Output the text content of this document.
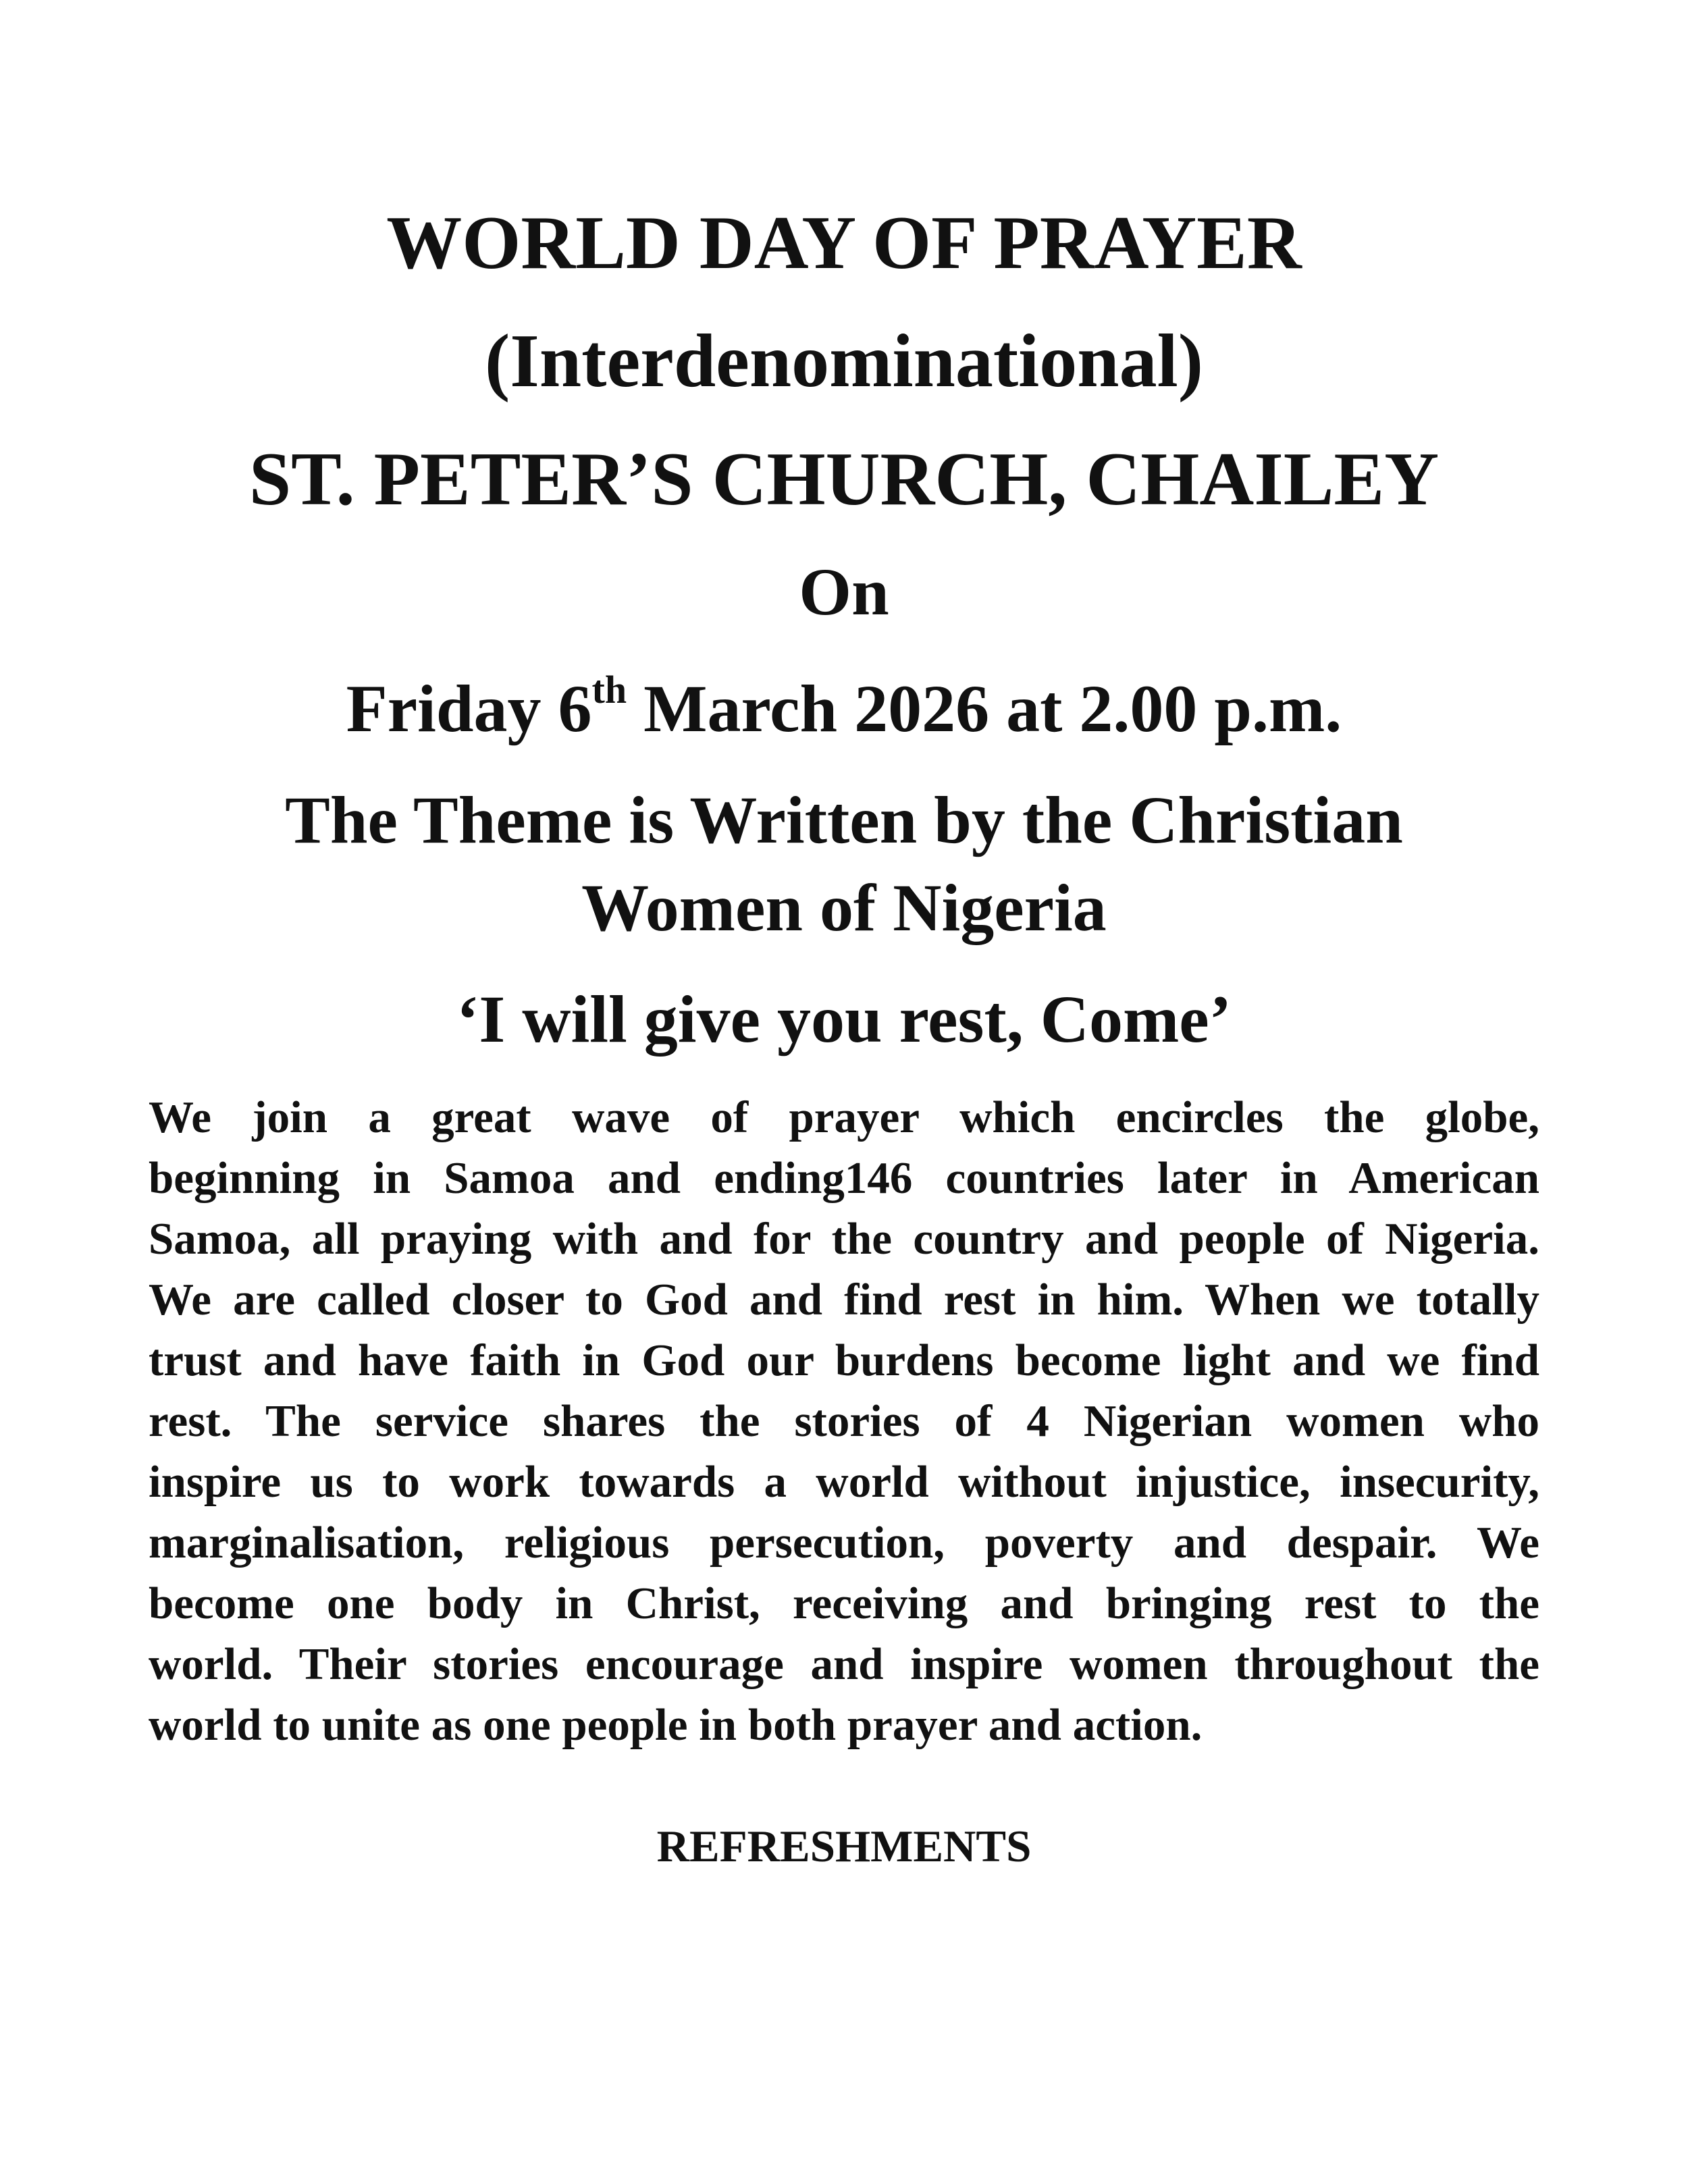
WORLD DAY OF PRAYER
(Interdenominational)
ST. PETER’S CHURCH, CHAILEY
On
Friday 6th March 2026 at 2.00 p.m.
The Theme is Written by the Christian
Women of Nigeria
‘I will give you rest, Come’
We join a great wave of prayer which encircles the globe,
beginning in Samoa and ending146 countries later in American
Samoa, all praying with and for the country and people of Nigeria.
We are called closer to God and find rest in him. When we totally
trust and have faith in God our burdens become light and we find
rest. The service shares the stories of 4 Nigerian women who
inspire us to work towards a world without injustice, insecurity,
marginalisation, religious persecution, poverty and despair. We
become one body in Christ, receiving and bringing rest to the
world. Their stories encourage and inspire women throughout the
world to unite as one people in both prayer and action.
REFRESHMENTS
